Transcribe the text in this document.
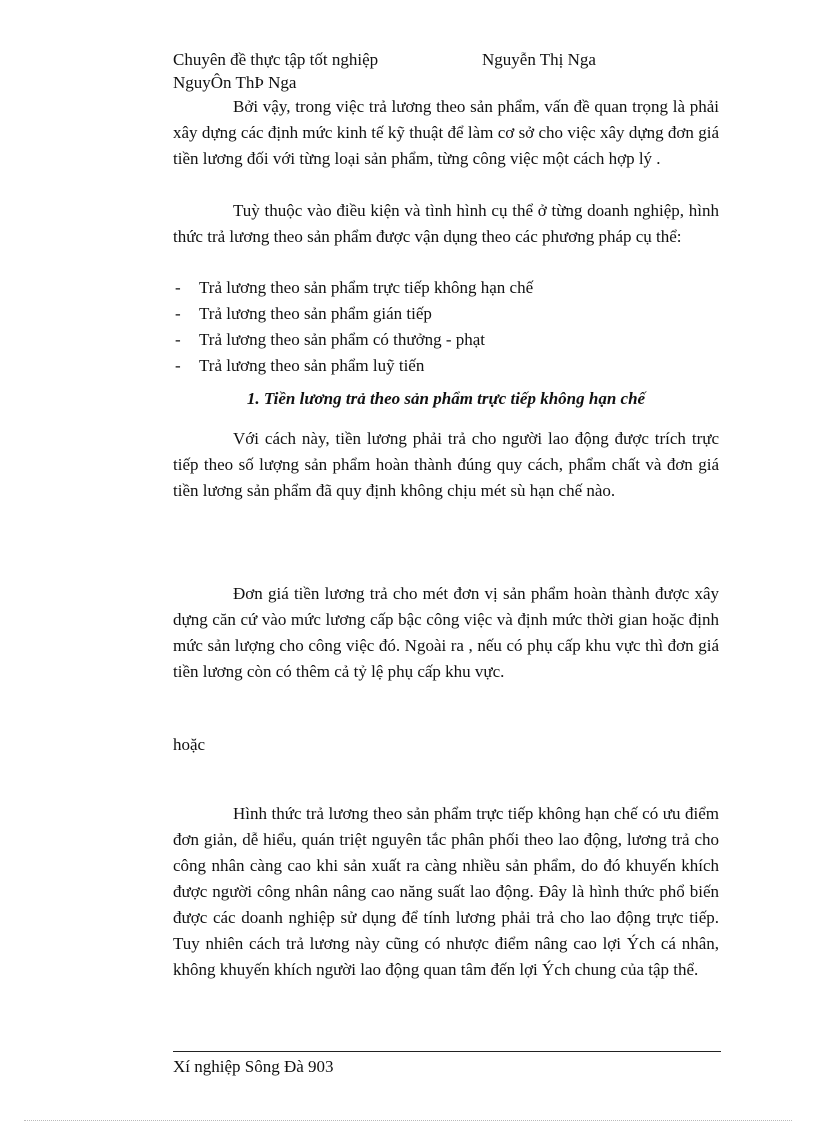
Chuyên đề thực tập tốt nghiệp	Nguyễn Thị Nga
NguyÔn ThÞ Nga

Bởi vậy, trong việc trả lương theo sản phẩm, vấn đề quan trọng là phải xây dựng các định mức kinh tế kỹ thuật để làm cơ sở cho việc xây dựng đơn giá tiền lương đối với từng loại sản phẩm, từng công việc một cách hợp lý .

Tuỳ thuộc vào điều kiện và tình hình cụ thể ở từng doanh nghiệp, hình thức trả lương theo sản phẩm được vận dụng theo các phương pháp cụ thể:

- Trả lương theo sản phẩm trực tiếp không hạn chế
- Trả lương theo sản phẩm gián tiếp
- Trả lương theo sản phẩm có thưởng - phạt
- Trả lương theo sản phẩm luỹ tiến
1. Tiền lương trả theo sản phẩm trực tiếp không hạn chế

Với cách này, tiền lương phải trả cho người lao động được trích trực tiếp theo số lượng sản phẩm hoàn thành đúng quy cách, phẩm chất và đơn giá tiền lương sản phẩm đã quy định không chịu mét sù hạn chế nào.

Đơn giá tiền lương trả cho mét đơn vị sản phẩm hoàn thành được xây dựng căn cứ vào mức lương cấp bậc công việc và định mức thời gian hoặc định mức sản lượng cho công việc đó. Ngoài ra , nếu có phụ cấp khu vực thì đơn giá tiền lương còn có thêm cả tỷ lệ phụ cấp khu vực.

hoặc

Hình thức trả lương theo sản phẩm trực tiếp không hạn chế có ưu điểm đơn giản, dễ hiểu, quán triệt nguyên tắc phân phối theo lao động, lương trả cho công nhân càng cao khi sản xuất ra càng nhiều sản phẩm, do đó khuyến khích được người công nhân nâng cao năng suất lao động. Đây là hình thức phổ biến được các doanh nghiệp sử dụng để tính lương phải trả cho lao động trực tiếp. Tuy nhiên cách trả lương này cũng có nhược điểm nâng cao lợi Ých cá nhân, không khuyến khích người lao động quan tâm đến lợi Ých chung của tập thể.

Xí nghiệp Sông Đà 903
